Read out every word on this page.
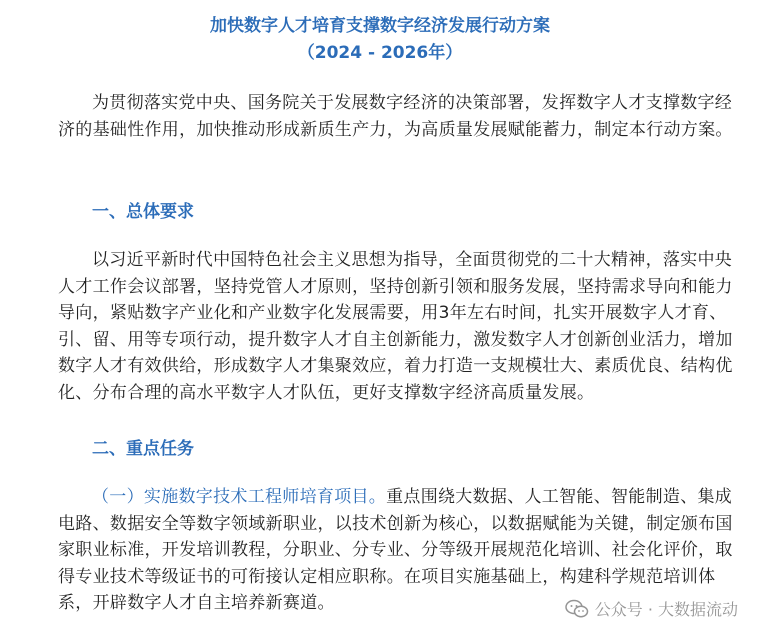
加快数字人才培育支撑数字经济发展行动方案
（2024 - 2026年）

为贯彻落实党中央、国务院关于发展数字经济的决策部署，发挥数字人才支撑数字经济的基础性作用，加快推动形成新质生产力，为高质量发展赋能蓄力，制定本行动方案。

一、总体要求

以习近平新时代中国特色社会主义思想为指导，全面贯彻党的二十大精神，落实中央人才工作会议部署，坚持党管人才原则，坚持创新引领和服务发展，坚持需求导向和能力导向，紧贴数字产业化和产业数字化发展需要，用3年左右时间，扎实开展数字人才育、引、留、用等专项行动，提升数字人才自主创新能力，激发数字人才创新创业活力，增加数字人才有效供给，形成数字人才集聚效应，着力打造一支规模壮大、素质优良、结构优化、分布合理的高水平数字人才队伍，更好支撑数字经济高质量发展。

二、重点任务

（一）实施数字技术工程师培育项目。重点围绕大数据、人工智能、智能制造、集成电路、数据安全等数字领域新职业，以技术创新为核心，以数据赋能为关键，制定颁布国家职业标准，开发培训教程，分职业、分专业、分等级开展规范化培训、社会化评价，取得专业技术等级证书的可衔接认定相应职称。在项目实施基础上，构建科学规范培训体系，开辟数字人才自主培养新赛道。	公众号 · 大数据流动
